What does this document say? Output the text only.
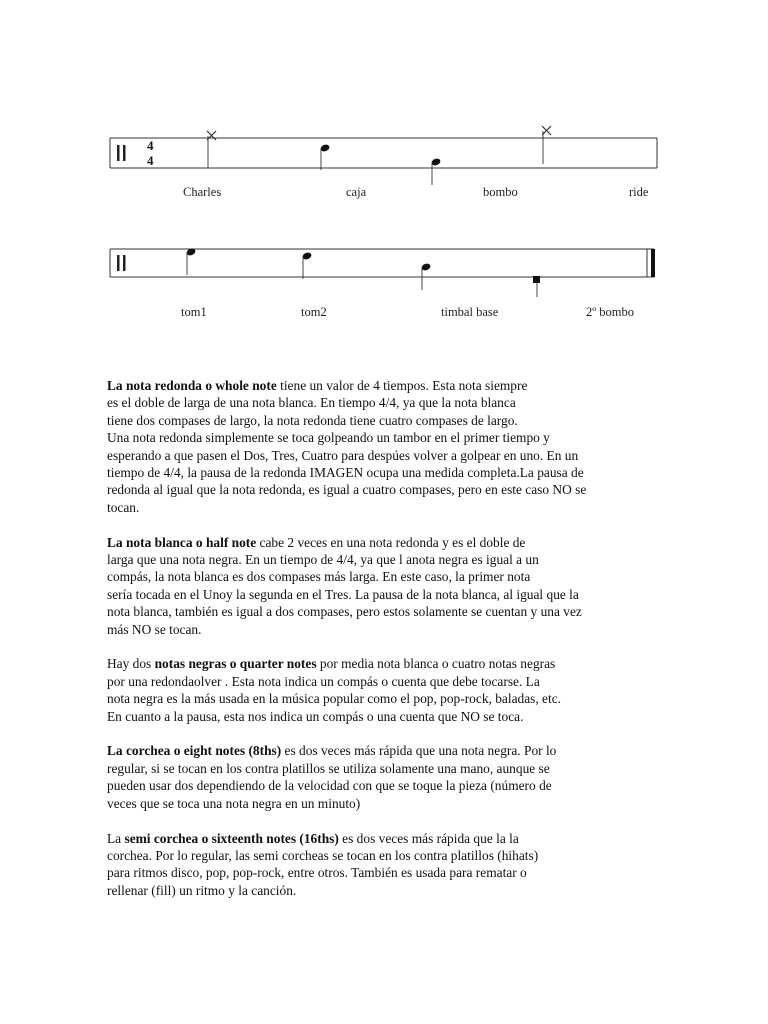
4
4
Charles	caja	bombo	ride
tom1	tom2	timbal base	2º bombo

La nota redonda o whole note tiene un valor de 4 tiempos. Esta nota siempre
es el doble de larga de una nota blanca. En tiempo 4/4, ya que la nota blanca
tiene dos compases de largo, la nota redonda tiene cuatro compases de largo.
Una nota redonda simplemente se toca golpeando un tambor en el primer tiempo y
esperando a que pasen el Dos, Tres, Cuatro para despúes volver a golpear en uno. En un
tiempo de 4/4, la pausa de la redonda IMAGEN ocupa una medida completa.La pausa de
redonda al igual que la nota redonda, es igual a cuatro compases, pero en este caso NO se
tocan.

La nota blanca o half note cabe 2 veces en una nota redonda y es el doble de
larga que una nota negra. En un tiempo de 4/4, ya que l anota negra es igual a un
compás, la nota blanca es dos compases más larga. En este caso, la primer nota
sería tocada en el Unoy la segunda en el Tres. La pausa de la nota blanca, al igual que la
nota blanca, también es igual a dos compases, pero estos solamente se cuentan y una vez
más NO se tocan.

Hay dos notas negras o quarter notes por media nota blanca o cuatro notas negras
por una redondaolver . Esta nota indica un compás o cuenta que debe tocarse. La
nota negra es la más usada en la música popular como el pop, pop-rock, baladas, etc.
En cuanto a la pausa, esta nos indica un compás o una cuenta que NO se toca.

La corchea o eight notes (8ths) es dos veces más rápida que una nota negra. Por lo
regular, si se tocan en los contra platillos se utiliza solamente una mano, aunque se
pueden usar dos dependiendo de la velocidad con que se toque la pieza (número de
veces que se toca una nota negra en un minuto)

La semi corchea o sixteenth notes (16ths) es dos veces más rápida que la la
corchea. Por lo regular, las semi corcheas se tocan en los contra platillos (hihats)
para ritmos disco, pop, pop-rock, entre otros. También es usada para rematar o
rellenar (fill) un ritmo y la canción.
